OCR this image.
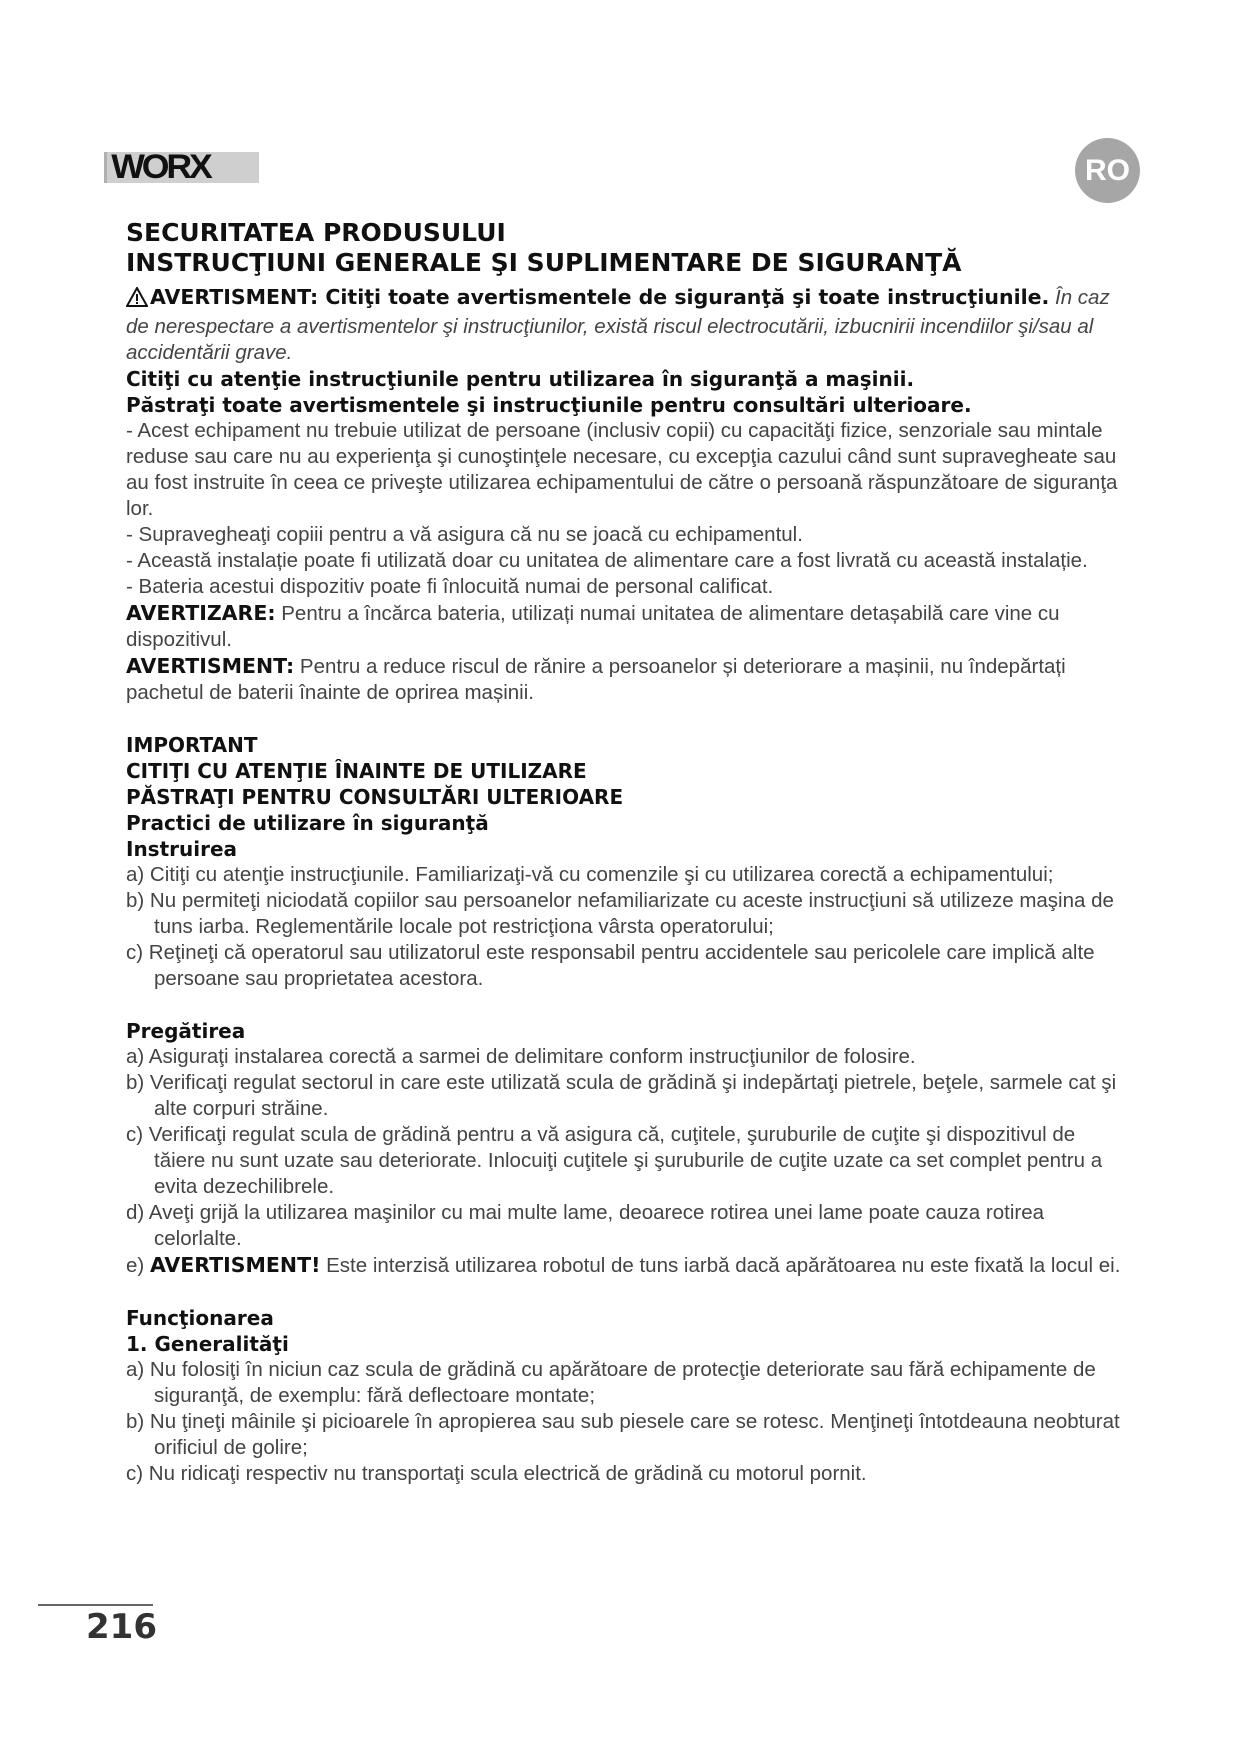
WORX	RO

SECURITATEA PRODUSULUI

INSTRUCŢIUNI GENERALE ŞI SUPLIMENTARE DE SIGURANŢĂ

AVERTISMENT: Citiţi toate avertismentele de siguranţă şi toate instrucţiunile. În caz de nerespectare a avertismentelor şi instrucţiunilor, există riscul electrocutării, izbucnirii incendiilor şi/sau al accidentării grave.

Citiţi cu atenţie instrucţiunile pentru utilizarea în siguranţă a maşinii.

Păstraţi toate avertismentele şi instrucţiunile pentru consultări ulterioare.

- Acest echipament nu trebuie utilizat de persoane (inclusiv copii) cu capacităţi fizice, senzoriale sau mintale reduse sau care nu au experienţa şi cunoştinţele necesare, cu excepţia cazului când sunt supravegheate sau au fost instruite în ceea ce priveşte utilizarea echipamentului de către o persoană răspunzătoare de siguranţa lor.

- Supravegheaţi copiii pentru a vă asigura că nu se joacă cu echipamentul.

- Această instalație poate fi utilizată doar cu unitatea de alimentare care a fost livrată cu această instalație.

- Bateria acestui dispozitiv poate fi înlocuită numai de personal calificat.

AVERTIZARE: Pentru a încărca bateria, utilizați numai unitatea de alimentare detașabilă care vine cu dispozitivul.

AVERTISMENT: Pentru a reduce riscul de rănire a persoanelor și deteriorare a mașinii, nu îndepărtați pachetul de baterii înainte de oprirea mașinii.

IMPORTANT

CITIŢI CU ATENŢIE ÎNAINTE DE UTILIZARE

PĂSTRAŢI PENTRU CONSULTĂRI ULTERIOARE

Practici de utilizare în siguranţă

Instruirea

a) Citiţi cu atenţie instrucţiunile. Familiarizaţi-vă cu comenzile şi cu utilizarea corectă a echipamentului;

b) Nu permiteţi niciodată copiilor sau persoanelor nefamiliarizate cu aceste instrucţiuni să utilizeze maşina de tuns iarba. Reglementările locale pot restricţiona vârsta operatorului;

c) Reţineţi că operatorul sau utilizatorul este responsabil pentru accidentele sau pericolele care implică alte persoane sau proprietatea acestora.

Pregătirea

a) Asiguraţi instalarea corectă a sarmei de delimitare conform instrucţiunilor de folosire.

b) Verificaţi regulat sectorul in care este utilizată scula de grădină şi indepărtaţi pietrele, beţele, sarmele cat şi alte corpuri străine.

c) Verificaţi regulat scula de grădină pentru a vă asigura că, cuţitele, şuruburile de cuţite şi dispozitivul de tăiere nu sunt uzate sau deteriorate. Inlocuiţi cuţitele şi şuruburile de cuţite uzate ca set complet pentru a evita dezechilibrele.

d) Aveţi grijă la utilizarea maşinilor cu mai multe lame, deoarece rotirea unei lame poate cauza rotirea celorlalte.

e) AVERTISMENT! Este interzisă utilizarea robotul de tuns iarbă dacă apărătoarea nu este fixată la locul ei.

Funcţionarea

1. Generalităţi

a) Nu folosiţi în niciun caz scula de grădină cu apărătoare de protecţie deteriorate sau fără echipamente de siguranţă, de exemplu: fără deflectoare montate;

b) Nu ţineţi mâinile şi picioarele în apropierea sau sub piesele care se rotesc. Menţineţi întotdeauna neobturat orificiul de golire;

c) Nu ridicaţi respectiv nu transportaţi scula electrică de grădină cu motorul pornit.

216
